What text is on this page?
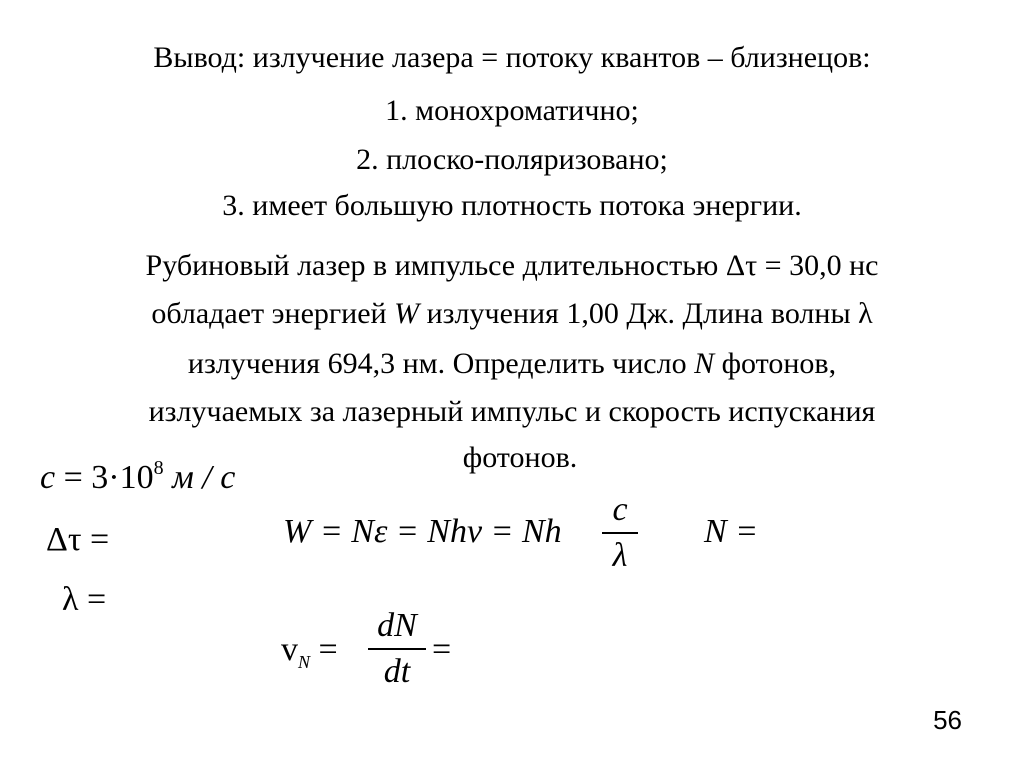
Вывод: излучение лазера = потоку квантов – близнецов:
1. монохроматично;
2. плоско-поляризовано;
3. имеет большую плотность потока энергии.
Рубиновый лазер в импульсе длительностью Δτ = 30,0 нс
обладает энергией W излучения 1,00 Дж. Длина волны λ
излучения 694,3 нм. Определить число N фотонов,
излучаемых за лазерный импульс и скорость испускания
фотонов.
$c = 3\cdot 10^8$ м / с
Δτ =
λ =
W = Nε = Nhν = Nh
c
λ
N =
$v_N$ =
dN
dt
=
56
